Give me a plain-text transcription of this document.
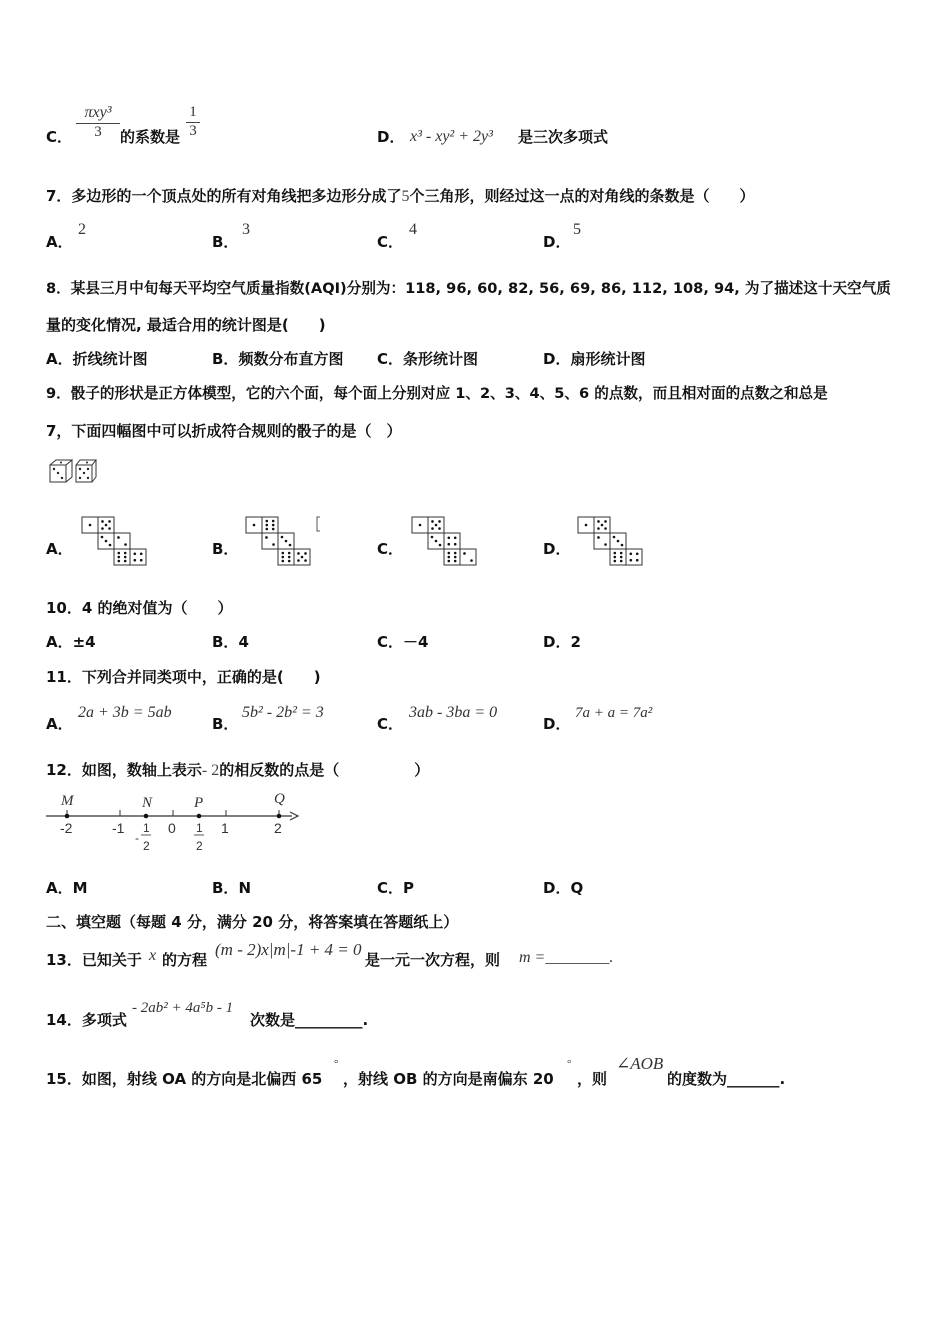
C．
πxy³
3	的系数是 $\frac{1}{3}$	D． x³ - xy² + 2y³ 是三次多项式
7．多边形的一个顶点处的所有对角线把多边形分成了5个三角形，则经过这一点的对角线的条数是（　　）
A．
2
B．
3
C．
4
D．
5
8．某县三月中旬每天平均空气质量指数(AQI)分别为：118, 96, 60, 82, 56, 69, 86, 112, 108, 94, 为了描述这十天空气质
量的变化情况, 最适合用的统计图是(　　)
A．折线统计图	B．频数分布直方图 C．条形统计图	D．扇形统计图
9．骰子的形状是正方体模型，它的六个面，每个面上分别对应 1、2、3、4、5、6 的点数，而且相对面的点数之和总是
7，下面四幅图中可以折成符合规则的骰子的是（　）
A．	B．	C．	D．
10．4 的绝对值为（　　）
A．±4	B．4	C．－4	D．2
11．下列合并同类项中，正确的是(　　)
A．
2a + 3b = 5ab
B．
5b² - 2b² = 3
C．
3ab - 3ba = 0
D．
7a + a = 7a²
12．如图，数轴上表示- 2的相反数的点是（　　　　　）
M	N	P	Q
-2	-1	0	1	2
-
1
2
1
2
A．M	B．N	C．P	D．Q
二、填空题（每题 4 分，满分 20 分，将答案填在答题纸上）
13．已知关于 x 的方程
(m - 2)x|m|-1 + 4 = 0
是一元一次方程，则 m =________.
14．多项式
- 2ab² + 4a⁵b - 1
次数是_________.
15．如图，射线 OA 的方向是北偏西 65
°
，射线 OB 的方向是南偏东 20
°
，则
∠AOB
的度数为_______.
